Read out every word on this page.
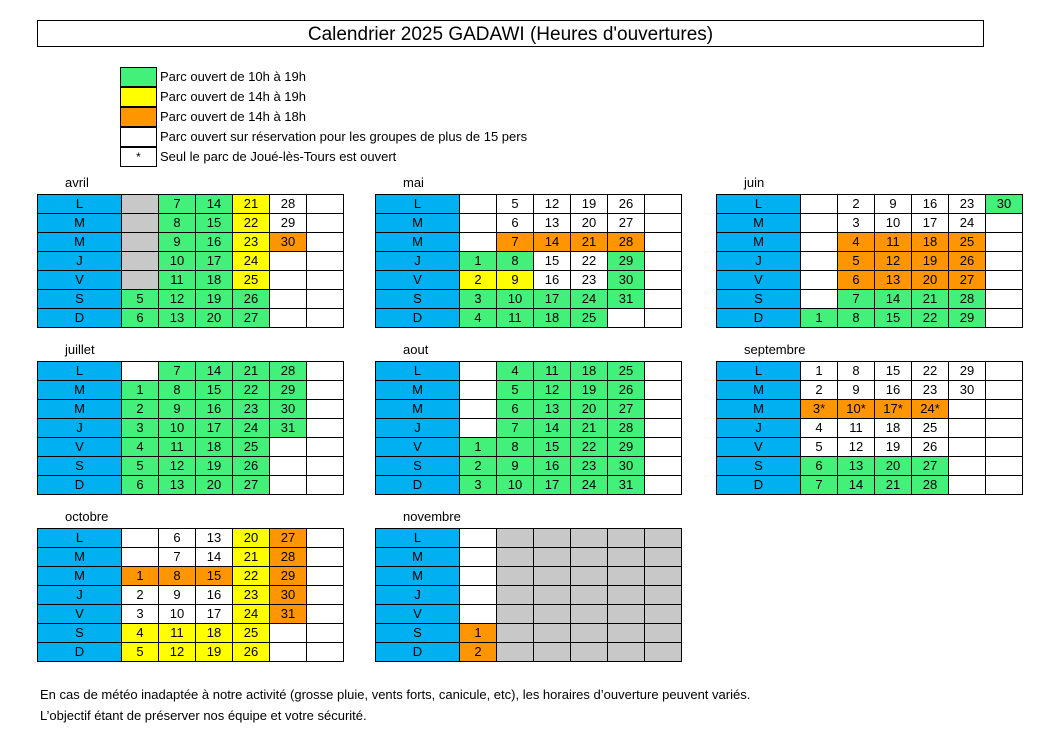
Calendrier 2025 GADAWI (Heures d'ouvertures)
Parc ouvert de 10h à 19h
Parc ouvert de 14h à 19h
Parc ouvert de 14h à 18h
Parc ouvert sur réservation pour les groupes de plus de 15 pers
*	Seul le parc de Joué-lès-Tours est ouvert
avril
L		7	14	21	28	
M		8	15	22	29	
M		9	16	23	30	
J		10	17	24		
V		11	18	25		
S	5	12	19	26		
D	6	13	20	27		
mai
L		5	12	19	26	
M		6	13	20	27	
M		7	14	21	28	
J	1	8	15	22	29	
V	2	9	16	23	30	
S	3	10	17	24	31	
D	4	11	18	25		
juin
L		2	9	16	23	30
M		3	10	17	24	
M		4	11	18	25	
J		5	12	19	26	
V		6	13	20	27	
S		7	14	21	28	
D	1	8	15	22	29	
juillet
L		7	14	21	28	
M	1	8	15	22	29	
M	2	9	16	23	30	
J	3	10	17	24	31	
V	4	11	18	25		
S	5	12	19	26		
D	6	13	20	27		
aout
L		4	11	18	25	
M		5	12	19	26	
M		6	13	20	27	
J		7	14	21	28	
V	1	8	15	22	29	
S	2	9	16	23	30	
D	3	10	17	24	31	
septembre
L	1	8	15	22	29	
M	2	9	16	23	30	
M	3*	10*	17*	24*		
J	4	11	18	25		
V	5	12	19	26		
S	6	13	20	27		
D	7	14	21	28		
octobre
L		6	13	20	27	
M		7	14	21	28	
M	1	8	15	22	29	
J	2	9	16	23	30	
V	3	10	17	24	31	
S	4	11	18	25		
D	5	12	19	26		
novembre
L						
M						
M						
J						
V						
S	1					
D	2					
En cas de météo inadaptée à notre activité (grosse pluie, vents forts, canicule, etc), les horaires d’ouverture peuvent variés.
L’objectif étant de préserver nos équipe et votre sécurité.
